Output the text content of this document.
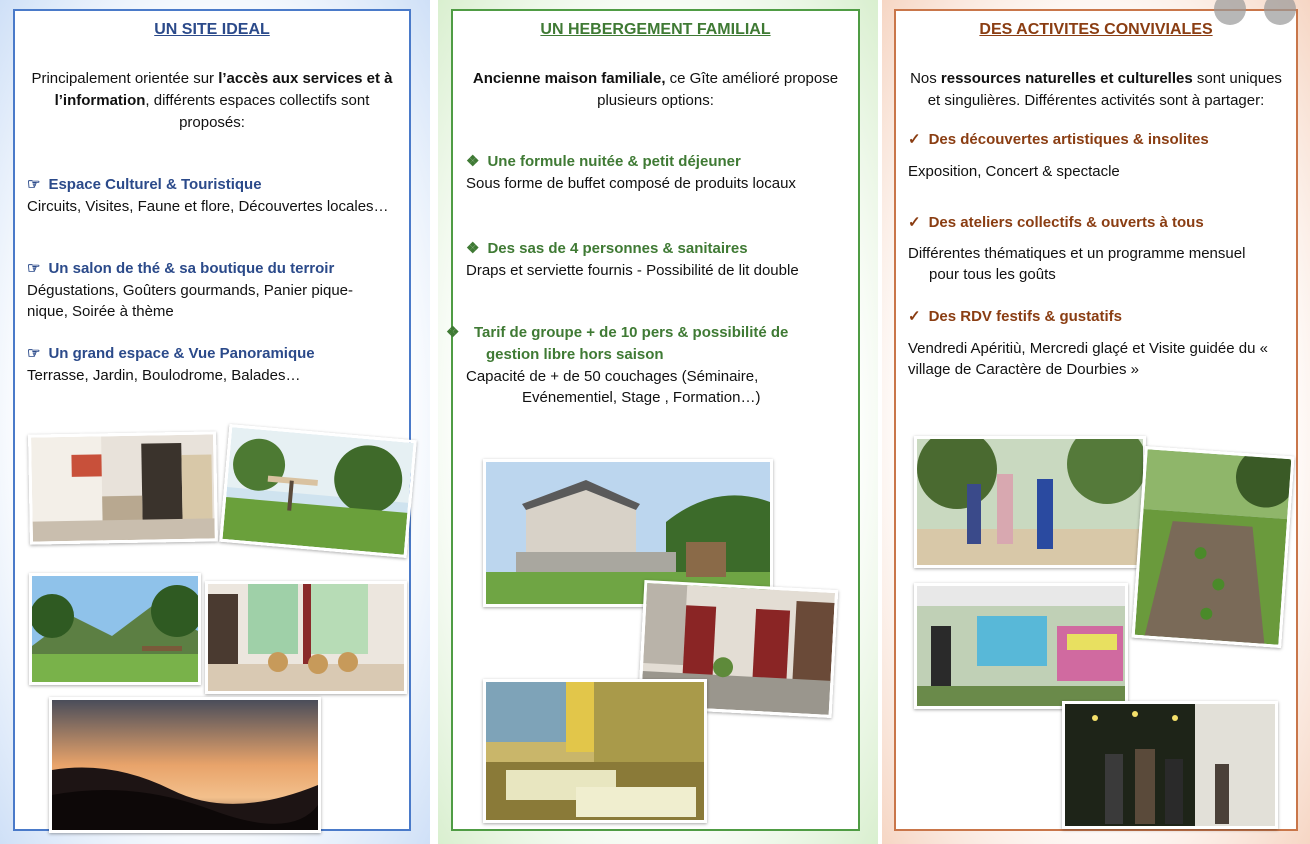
UN SITE IDEAL
Principalement orientée sur l’accès aux services et à l’information, différents espaces collectifs sont proposés:
☞ Espace Culturel & Touristique
Circuits, Visites, Faune et flore, Découvertes locales…
☞ Un salon de thé & sa boutique du terroir
Dégustations, Goûters gourmands, Panier pique-nique, Soirée à thème
☞ Un grand espace & Vue Panoramique
Terrasse, Jardin, Boulodrome, Balades…
UN HEBERGEMENT FAMILIAL
Ancienne maison familiale, ce Gîte amélioré propose plusieurs options:
❖ Une formule nuitée & petit déjeuner
Sous forme de buffet composé de produits locaux
❖ Des sas de 4 personnes & sanitaires
Draps et serviette fournis - Possibilité de lit double
❖ Tarif de groupe + de 10 pers & possibilité de gestion libre hors saison
Capacité de + de 50 couchages (Séminaire,
Evénementiel, Stage , Formation…)
DES ACTIVITES CONVIVIALES
Nos ressources naturelles et culturelles sont uniques et singulières. Différentes activités sont à partager:
✓ Des découvertes artistiques & insolites
Exposition, Concert & spectacle
✓ Des ateliers collectifs & ouverts à tous
Différentes thématiques et un programme mensuel
pour tous les goûts
✓ Des RDV festifs & gustatifs
Vendredi Apéritiù, Mercredi glaçé et Visite guidée du « village de Caractère de Dourbies »
